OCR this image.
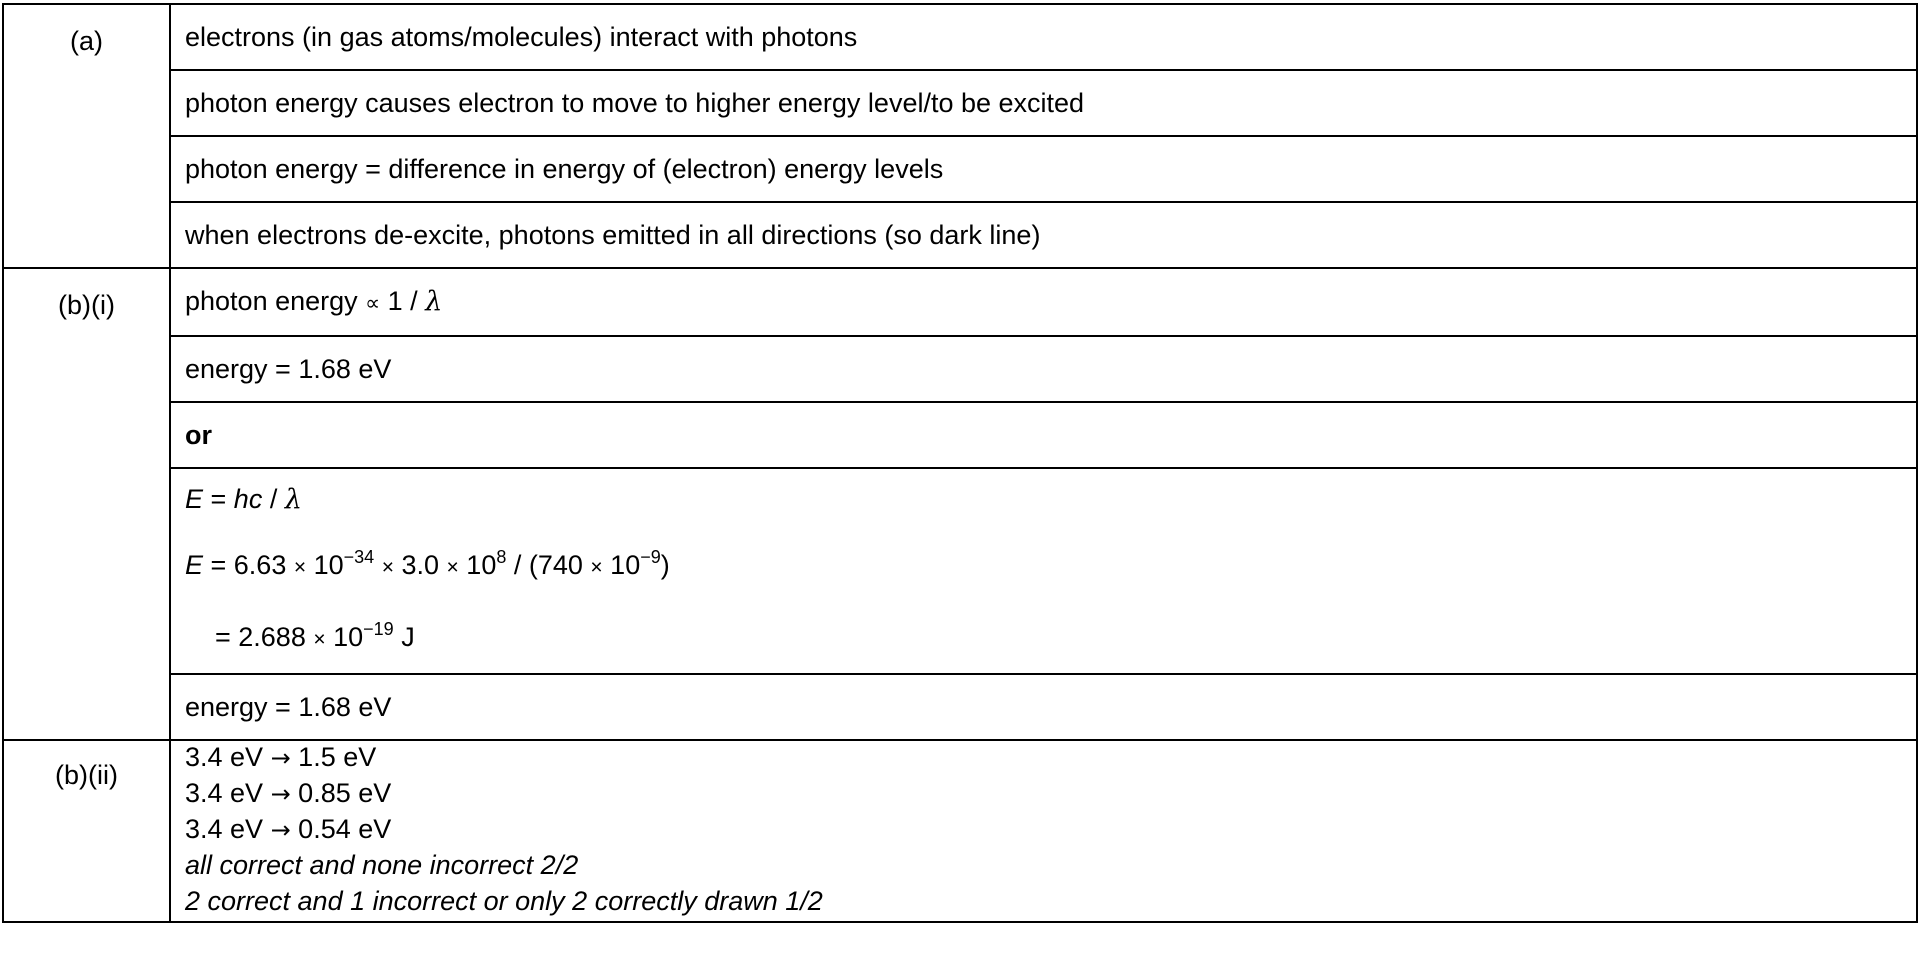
(a)	electrons (in gas atoms/molecules) interact with photons
	photon energy causes electron to move to higher energy level/to be excited
	photon energy = difference in energy of (electron) energy levels
	when electrons de-excite, photons emitted in all directions (so dark line)
(b)(i)	photon energy ∝ 1 / λ
	energy = 1.68 eV
	or

	E = hc / λ
$E = 6.63 \times 10^{-34} \times 3.0 \times 10^8 / (740 \times 10^{-9})$
= $2.688 \times 10^{-19}$ J

	energy = 1.68 eV
(b)(ii)	3.4 eV → 1.5 eV
3.4 eV → 0.85 eV
3.4 eV → 0.54 eV
all correct and none incorrect 2/2
2 correct and 1 incorrect or only 2 correctly drawn 1/2
